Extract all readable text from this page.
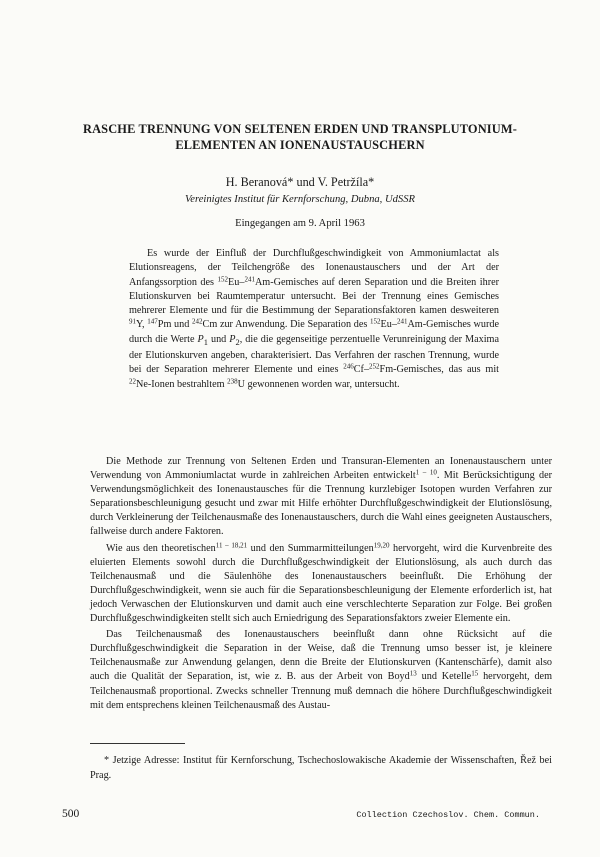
RASCHE TRENNUNG VON SELTENEN ERDEN UND TRANSPLUTONIUM-ELEMENTEN AN IONENAUSTAUSCHERN
H. Beranová* und V. Petržíla*
Vereinigtes Institut für Kernforschung, Dubna, UdSSR
Eingegangen am 9. April 1963

Es wurde der Einfluß der Durchflußgeschwindigkeit von Ammoniumlactat als Elutionsreagens, der Teilchengröße des Ionenaustauschers und der Art der Anfangssorption des $^{152}$Eu–$^{241}$Am-Gemisches auf deren Separation und die Breiten ihrer Elutionskurven bei Raumtemperatur untersucht. Bei der Trennung eines Gemisches mehrerer Elemente und für die Bestimmung der Separationsfaktoren kamen desweiteren $^{91}$Y, $^{147}$Pm und $^{242}$Cm zur Anwendung. Die Separation des $^{152}$Eu–$^{241}$Am-Gemisches wurde durch die Werte $P_1$ und $P_2$, die die gegenseitige perzentuelle Verunreinigung der Maxima der Elutionskurven angeben, charakterisiert. Das Verfahren der raschen Trennung, wurde bei der Separation mehrerer Elemente und eines $^{246}$Cf–$^{252}$Fm-Gemisches, das aus mit $^{22}$Ne-Ionen bestrahltem $^{238}$U gewonnenen worden war, untersucht.

Die Methode zur Trennung von Seltenen Erden und Transuran-Elementen an Ionenaustauschern unter Verwendung von Ammoniumlactat wurde in zahlreichen Arbeiten entwickelt$^{1 - 10}$. Mit Berücksichtigung der Verwendungsmöglichkeit des Ionenaustausches für die Trennung kurzlebiger Isotopen wurden Verfahren zur Separationsbeschleunigung gesucht und zwar mit Hilfe erhöhter Durchflußgeschwindigkeit der Elutionslösung, durch Verkleinerung der Teilchenausmaße des Ionenaustauschers, durch die Wahl eines geeigneten Austauschers, fallweise durch andere Faktoren.

Wie aus den theoretischen$^{11 - 18,21}$ und den Summarmitteilungen$^{19,20}$ hervorgeht, wird die Kurvenbreite des eluierten Elements sowohl durch die Durchflußgeschwindigkeit der Elutionslösung, als auch durch das Teilchenausmaß und die Säulenhöhe des Ionenaustauschers beeinflußt. Die Erhöhung der Durchflußgeschwindigkeit, wenn sie auch für die Separationsbeschleunigung der Elemente erforderlich ist, hat jedoch Verwaschen der Elutionskurven und damit auch eine verschlechterte Separation zur Folge. Bei großen Durchflußgeschwindigkeiten stellt sich auch Erniedrigung des Separationsfaktors zweier Elemente ein.

Das Teilchenausmaß des Ionenaustauschers beeinflußt dann ohne Rücksicht auf die Durchflußgeschwindigkeit die Separation in der Weise, daß die Trennung umso besser ist, je kleinere Teilchenausmaße zur Anwendung gelangen, denn die Breite der Elutionskurven (Kantenschärfe), damit also auch die Qualität der Separation, ist, wie z. B. aus der Arbeit von Boyd$^{13}$ und Ketelle$^{15}$ hervorgeht, dem Teilchenausmaß proportional. Zwecks schneller Trennung muß demnach die höhere Durchflußgeschwindigkeit mit dem entsprechens kleinen Teilchenausmaß des Austau-

* Jetzige Adresse: Institut für Kernforschung, Tschechoslowakische Akademie der Wissenschaften, Řež bei Prag.

500	Collection Czechoslov. Chem. Commun.
